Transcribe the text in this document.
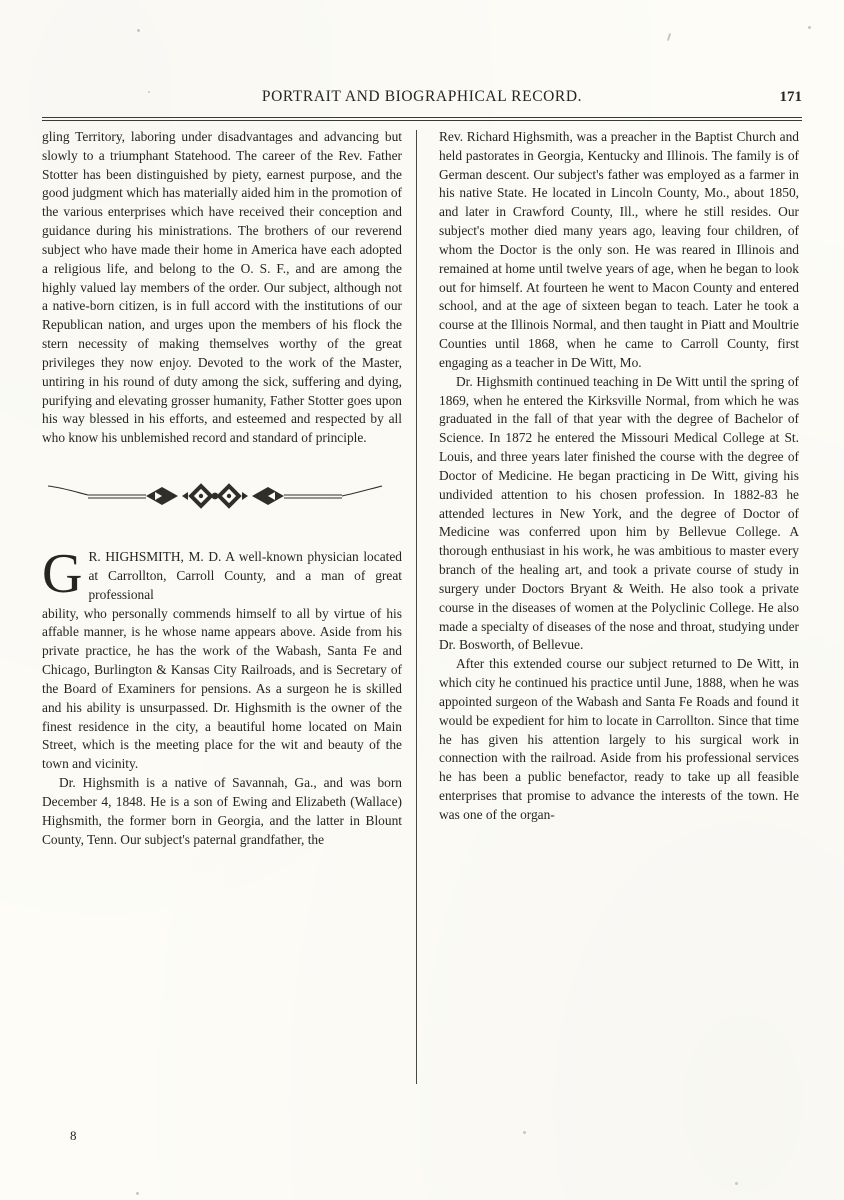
PORTRAIT AND BIOGRAPHICAL RECORD.	171

gling Territory, laboring under disadvantages and advancing but slowly to a triumphant Statehood. The career of the Rev. Father Stotter has been distinguished by piety, earnest purpose, and the good judgment which has materially aided him in the promotion of the various enterprises which have received their conception and guidance during his ministrations. The brothers of our reverend subject who have made their home in America have each adopted a religious life, and belong to the O. S. F., and are among the highly valued lay members of the order. Our subject, although not a native-born citizen, is in full accord with the institutions of our Republican nation, and urges upon the members of his flock the stern necessity of making themselves worthy of the great privileges they now enjoy. Devoted to the work of the Master, untiring in his round of duty among the sick, suffering and dying, purifying and elevating grosser humanity, Father Stotter goes upon his way blessed in his efforts, and esteemed and respected by all who know his unblemished record and standard of principle.

G R. HIGHSMITH, M. D. A well-known physician located at Carrollton, Carroll County, and a man of great professional

ability, who personally commends himself to all by virtue of his affable manner, is he whose name appears above. Aside from his private practice, he has the work of the Wabash, Santa Fe and Chicago, Burlington & Kansas City Railroads, and is Secretary of the Board of Examiners for pensions. As a surgeon he is skilled and his ability is unsurpassed. Dr. Highsmith is the owner of the finest residence in the city, a beautiful home located on Main Street, which is the meeting place for the wit and beauty of the town and vicinity.

Dr. Highsmith is a native of Savannah, Ga., and was born December 4, 1848. He is a son of Ewing and Elizabeth (Wallace) Highsmith, the former born in Georgia, and the latter in Blount County, Tenn. Our subject's paternal grandfather, the

Rev. Richard Highsmith, was a preacher in the Baptist Church and held pastorates in Georgia, Kentucky and Illinois. The family is of German descent. Our subject's father was employed as a farmer in his native State. He located in Lincoln County, Mo., about 1850, and later in Crawford County, Ill., where he still resides. Our subject's mother died many years ago, leaving four children, of whom the Doctor is the only son. He was reared in Illinois and remained at home until twelve years of age, when he began to look out for himself. At fourteen he went to Macon County and entered school, and at the age of sixteen began to teach. Later he took a course at the Illinois Normal, and then taught in Piatt and Moultrie Counties until 1868, when he came to Carroll County, first engaging as a teacher in De Witt, Mo.

Dr. Highsmith continued teaching in De Witt until the spring of 1869, when he entered the Kirksville Normal, from which he was graduated in the fall of that year with the degree of Bachelor of Science. In 1872 he entered the Missouri Medical College at St. Louis, and three years later finished the course with the degree of Doctor of Medicine. He began practicing in De Witt, giving his undivided attention to his chosen profession. In 1882-83 he attended lectures in New York, and the degree of Doctor of Medicine was conferred upon him by Bellevue College. A thorough enthusiast in his work, he was ambitious to master every branch of the healing art, and took a private course of study in surgery under Doctors Bryant & Weith. He also took a private course in the diseases of women at the Polyclinic College. He also made a specialty of diseases of the nose and throat, studying under Dr. Bosworth, of Bellevue.

After this extended course our subject returned to De Witt, in which city he continued his practice until June, 1888, when he was appointed surgeon of the Wabash and Santa Fe Roads and found it would be expedient for him to locate in Carrollton. Since that time he has given his attention largely to his surgical work in connection with the railroad. Aside from his professional services he has been a public benefactor, ready to take up all feasible enterprises that promise to advance the interests of the town. He was one of the organ-

8
